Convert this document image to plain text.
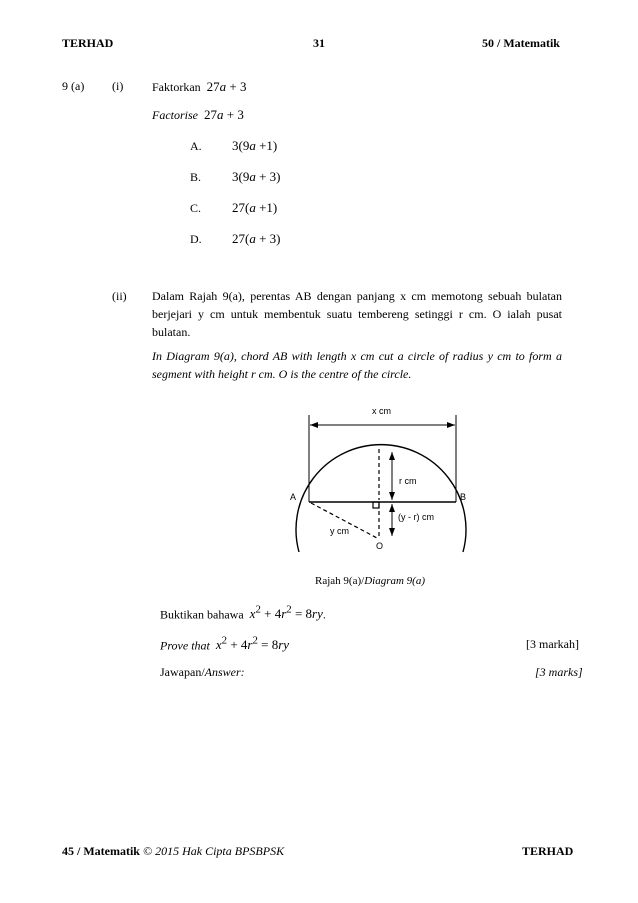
TERHAD	31	50 / Matematik
9 (a) (i) Faktorkan 27a + 3
Factorise 27a + 3
A. 3(9a +1)
B. 3(9a + 3)
C. 27(a +1)
D. 27(a + 3)
(ii) Dalam Rajah 9(a), perentas AB dengan panjang x cm memotong sebuah bulatan berjejari y cm untuk membentuk suatu tembereng setinggi r cm. O ialah pusat bulatan.
In Diagram 9(a), chord AB with length x cm cut a circle of radius y cm to form a segment with height r cm. O is the centre of the circle.
x cm
r cm
(y - r) cm
y cm
A	B
O
Rajah 9(a)/Diagram 9(a)
Buktikan bahawa $x^2 + 4r^2 = 8ry$.
Prove that $x^2 + 4r^2 = 8ry$	[3 markah]
Jawapan/Answer:	[3 marks]
45 / Matematik © 2015 Hak Cipta BPSBPSK	TERHAD
